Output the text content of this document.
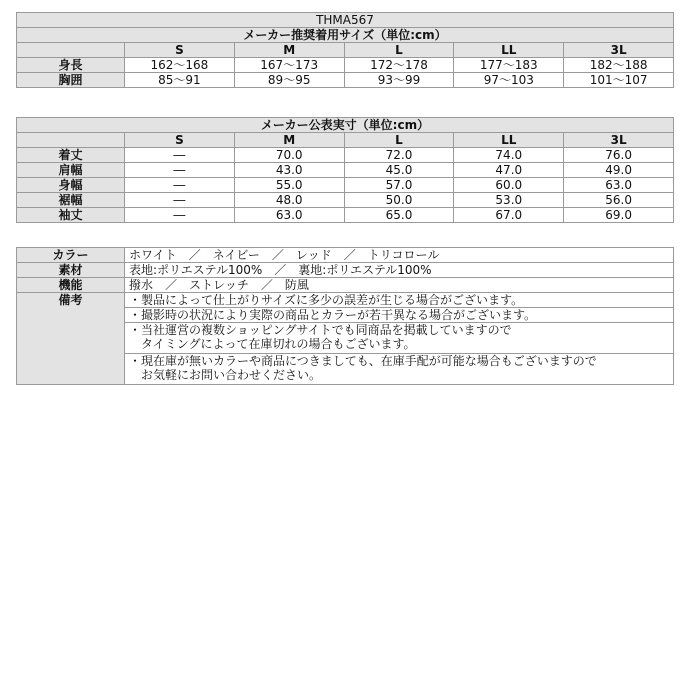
THMA567					
メーカー推奨着用サイズ（単位:cm）					
	S	M	L	LL	3L
身長	162～168	167～173	172～178	177～183	182～188
胸囲	85～91	89～95	93～99	97～103	101～107
メーカー公表実寸（単位:cm）					
	S	M	L	LL	3L
着丈	―	70.0	72.0	74.0	76.0
肩幅	―	43.0	45.0	47.0	49.0
身幅	―	55.0	57.0	60.0	63.0
裾幅	―	48.0	50.0	53.0	56.0
袖丈	―	63.0	65.0	67.0	69.0
カラー	ホワイト　／　ネイビー　／　レッド　／　トリコロール
素材	表地:ポリエステル100%　／　裏地:ポリエステル100%
機能	撥水　／　ストレッチ　／　防風
備考	・製品によって仕上がりサイズに多少の誤差が生じる場合がございます。

	・撮影時の状況により実際の商品とカラーが若干異なる場合がございます。

	・当社運営の複数ショッピングサイトでも同商品を掲載していますので
　タイミングによって在庫切れの場合もございます。

	・現在庫が無いカラーや商品につきましても、在庫手配が可能な場合もございますので
　お気軽にお問い合わせください。
